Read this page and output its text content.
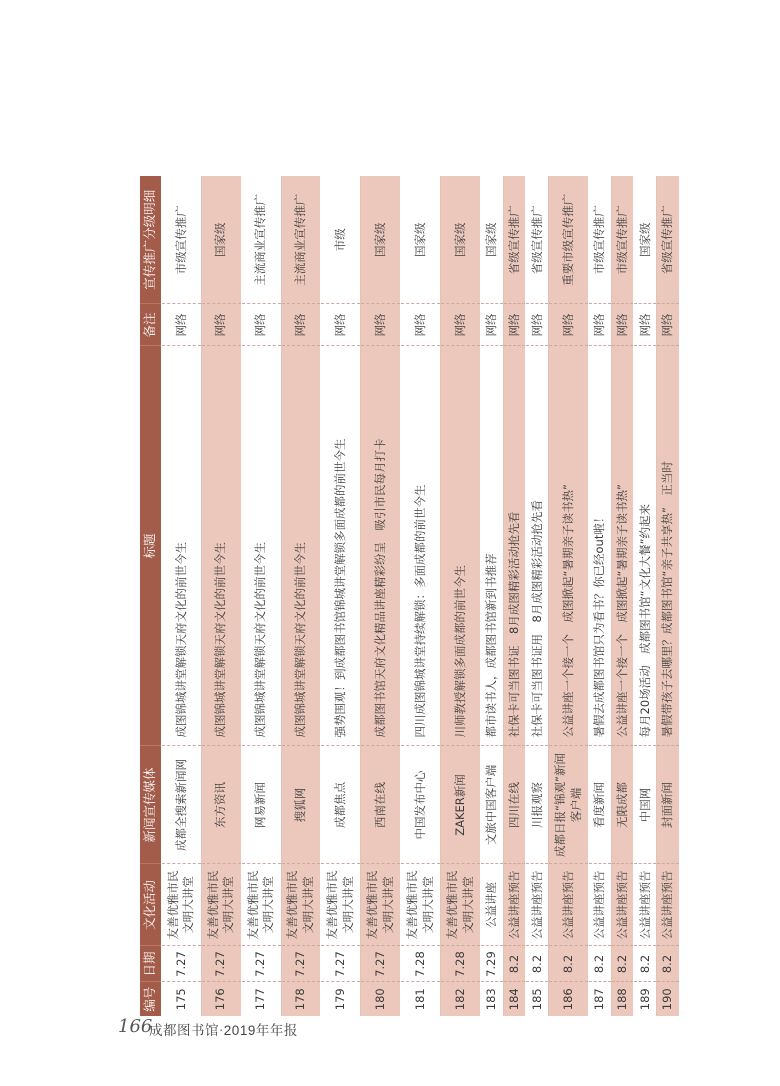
编号	日期	文化活动	新闻宣传媒体	标题	备注	宣传推广分级明细
175	7.27	友善优雅市民文明大讲堂	成都全搜索新闻网	成图锦城讲堂解锁天府文化的前世今生	网络	市级宣传推广
176	7.27	友善优雅市民文明大讲堂	东方资讯	成图锦城讲堂解锁天府文化的前世今生	网络	国家级
177	7.27	友善优雅市民文明大讲堂	网易新闻	成图锦城讲堂解锁天府文化的前世今生	网络	主流商业宣传推广
178	7.27	友善优雅市民文明大讲堂	搜狐网	成图锦城讲堂解锁天府文化的前世今生	网络	主流商业宣传推广
179	7.27	友善优雅市民文明大讲堂	成都焦点	强势围观！到成都图书馆锦城讲堂解锁多面成都的前世今生	网络	市级
180	7.27	友善优雅市民文明大讲堂	西南在线	成都图书馆天府文化精品讲座精彩纷呈　吸引市民每月打卡	网络	国家级
181	7.28	友善优雅市民文明大讲堂	中国发布中心	四川成图锦城讲堂持续解锁：多面成都的前世今生	网络	国家级
182	7.28	友善优雅市民文明大讲堂	ZAKER新闻	川师教授解锁多面成都的前世今生	网络	国家级
183	7.29	公益讲座	文旅中国客户端	都市读书人，成都图书馆新到书推荐	网络	国家级
184	8.2	公益讲座预告	四川在线	社保卡可当图书证　8月成图精彩活动抢先看	网络	省级宣传推广
185	8.2	公益讲座预告	川报观察	社保卡可当图书证用　8月成图精彩活动抢先看	网络	省级宣传推广
186	8.2	公益讲座预告	成都日报“锦观”新闻客户端	公益讲座一个接一个　成图掀起“暑期亲子读书热”	网络	重要市级宣传推广
187	8.2	公益讲座预告	看度新闻	暑假去成都图书馆只为看书？你已经out啦！	网络	市级宣传推广
188	8.2	公益讲座预告	无限成都	公益讲座一个接一个　成图掀起“暑期亲子读书热”	网络	市级宣传推广
189	8.2	公益讲座预告	中国网	每月20场活动　成都图书馆“文化大餐”约起来	网络	国家级
190	8.2	公益讲座预告	封面新闻	暑假带孩子去哪里？成都图书馆“亲子共享热”　正当时	网络	省级宣传推广
166
成都图书馆·2019年年报
